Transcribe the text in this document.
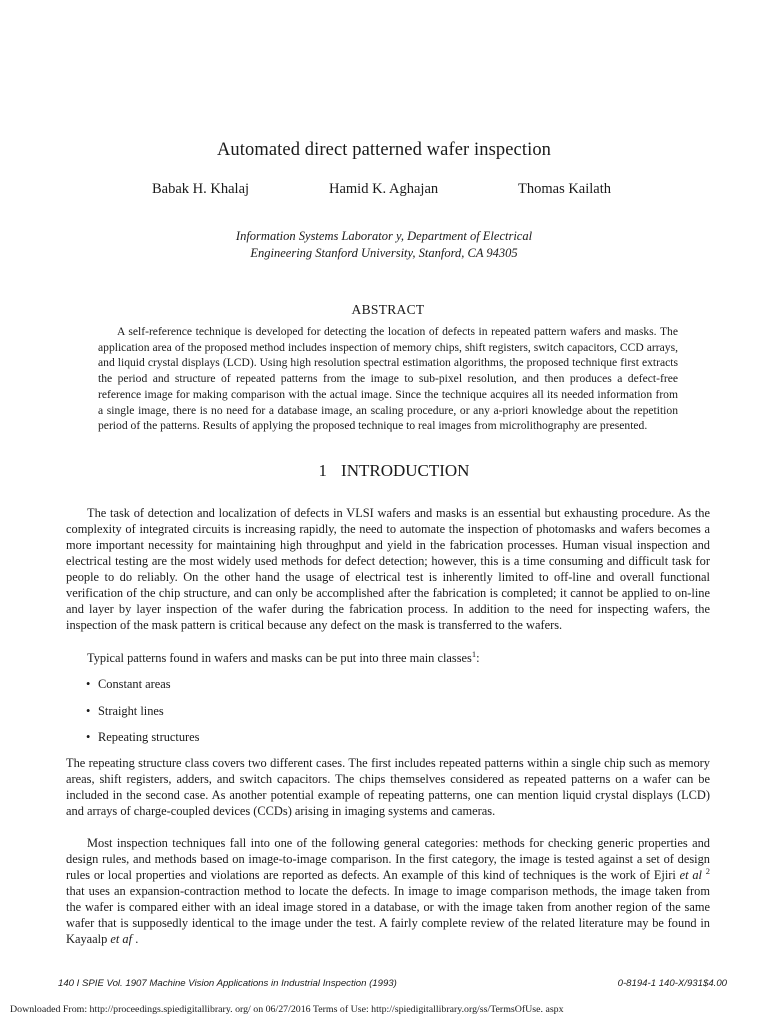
Automated direct patterned wafer inspection
Babak H. Khalaj	Hamid K. Aghajan	Thomas Kailath
Information Systems Laborator y, Department of Electrical
Engineering Stanford University, Stanford, CA 94305
ABSTRACT

A self-reference technique is developed for detecting the location of defects in repeated pattern wafers and masks. The application area of the proposed method includes inspection of memory chips, shift registers, switch capacitors, CCD arrays, and liquid crystal displays (LCD). Using high resolution spectral estimation algorithms, the proposed technique first extracts the period and structure of repeated patterns from the image to sub-pixel resolution, and then produces a defect-free reference image for making comparison with the actual image. Since the technique acquires all its needed information from a single image, there is no need for a database image, an scaling procedure, or any a-priori knowledge about the repetition period of the patterns. Results of applying the proposed technique to real images from microlithography are presented.

1 INTRODUCTION

The task of detection and localization of defects in VLSI wafers and masks is an essential but exhausting procedure. As the complexity of integrated circuits is increasing rapidly, the need to automate the inspection of photomasks and wafers becomes a more important necessity for maintaining high throughput and yield in the fabrication processes. Human visual inspection and electrical testing are the most widely used methods for defect detection; however, this is a time consuming and difficult task for people to do reliably. On the other hand the usage of electrical test is inherently limited to off-line and overall functional verification of the chip structure, and can only be accomplished after the fabrication is completed; it cannot be applied to on-line and layer by layer inspection of the wafer during the fabrication process. In addition to the need for inspecting wafers, the inspection of the mask pattern is critical because any defect on the mask is transferred to the wafers.

Typical patterns found in wafers and masks can be put into three main classes$^1$:

• Constant areas
• Straight lines
• Repeating structures

The repeating structure class covers two different cases. The first includes repeated patterns within a single chip such as memory areas, shift registers, adders, and switch capacitors. The chips themselves considered as repeated patterns on a wafer can be included in the second case. As another potential example of repeating patterns, one can mention liquid crystal displays (LCD) and arrays of charge-coupled devices (CCDs) arising in imaging systems and cameras.

Most inspection techniques fall into one of the following general categories: methods for checking generic properties and design rules, and methods based on image-to-image comparison. In the first category, the image is tested against a set of design rules or local properties and violations are reported as defects. An example of this kind of techniques is the work of Ejiri et al $^2$ that uses an expansion-contraction method to locate the defects. In image to image comparison methods, the image taken from the wafer is compared either with an ideal image stored in a database, or with the image taken from another region of the same wafer that is supposedly identical to the image under the test. A fairly complete review of the related literature may be found in Kayaalp et af .

140 I SPIE Vol. 1907 Machine Vision Applications in Industrial Inspection (1993)	0-8194-1 140-X/931$4.00
Downloaded From: http://proceedings.spiedigitallibrary. org/ on 06/27/2016 Terms of Use: http://spiedigitallibrary.org/ss/TermsOfUse. aspx
